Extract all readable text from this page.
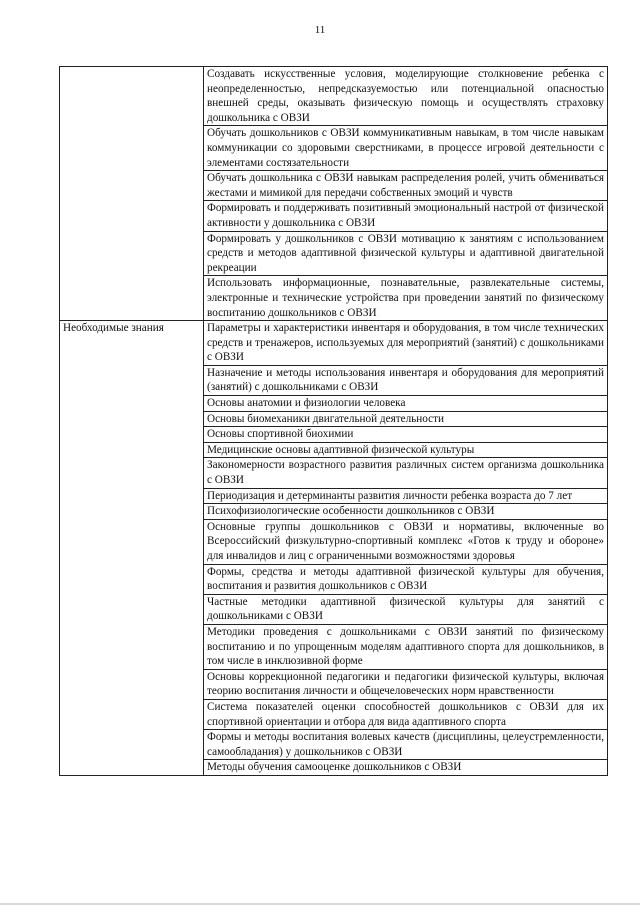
11
	Создавать искусственные условия, моделирующие столкновение ребенка с неопределенностью, непредсказуемостью или потенциальной опасностью внешней среды, оказывать физическую помощь и осуществлять страховку дошкольника с ОВЗИ
	Обучать дошкольников с ОВЗИ коммуникативным навыкам, в том числе навыкам коммуникации со здоровыми сверстниками, в процессе игровой деятельности с элементами состязательности
	Обучать дошкольника с ОВЗИ навыкам распределения ролей, учить обмениваться жестами и мимикой для передачи собственных эмоций и чувств
	Формировать и поддерживать позитивный эмоциональный настрой от физической активности у дошкольника с ОВЗИ
	Формировать у дошкольников с ОВЗИ мотивацию к занятиям с использованием средств и методов адаптивной физической культуры и адаптивной двигательной рекреации
	Использовать информационные, познавательные, развлекательные системы, электронные и технические устройства при проведении занятий по физическому воспитанию дошкольников с ОВЗИ
Необходимые знания	Параметры и характеристики инвентаря и оборудования, в том числе технических средств и тренажеров, используемых для мероприятий (занятий) с дошкольниками с ОВЗИ
	Назначение и методы использования инвентаря и оборудования для мероприятий (занятий) с дошкольниками с ОВЗИ
	Основы анатомии и физиологии человека
	Основы биомеханики двигательной деятельности
	Основы спортивной биохимии
	Медицинские основы адаптивной физической культуры
	Закономерности возрастного развития различных систем организма дошкольника с ОВЗИ
	Периодизация и детерминанты развития личности ребенка возраста до 7 лет
	Психофизиологические особенности дошкольников с ОВЗИ
	Основные группы дошкольников с ОВЗИ и нормативы, включенные во Всероссийский физкультурно-спортивный комплекс «Готов к труду и обороне» для инвалидов и лиц с ограниченными возможностями здоровья
	Формы, средства и методы адаптивной физической культуры для обучения, воспитания и развития дошкольников с ОВЗИ
	Частные методики адаптивной физической культуры для занятий с дошкольниками с ОВЗИ
	Методики проведения с дошкольниками с ОВЗИ занятий по физическому воспитанию и по упрощенным моделям адаптивного спорта для дошкольников, в том числе в инклюзивной форме
	Основы коррекционной педагогики и педагогики физической культуры, включая теорию воспитания личности и общечеловеческих норм нравственности
	Система показателей оценки способностей дошкольников с ОВЗИ для их спортивной ориентации и отбора для вида адаптивного спорта
	Формы и методы воспитания волевых качеств (дисциплины, целеустремленности, самообладания) у дошкольников с ОВЗИ
	Методы обучения самооценке дошкольников с ОВЗИ
